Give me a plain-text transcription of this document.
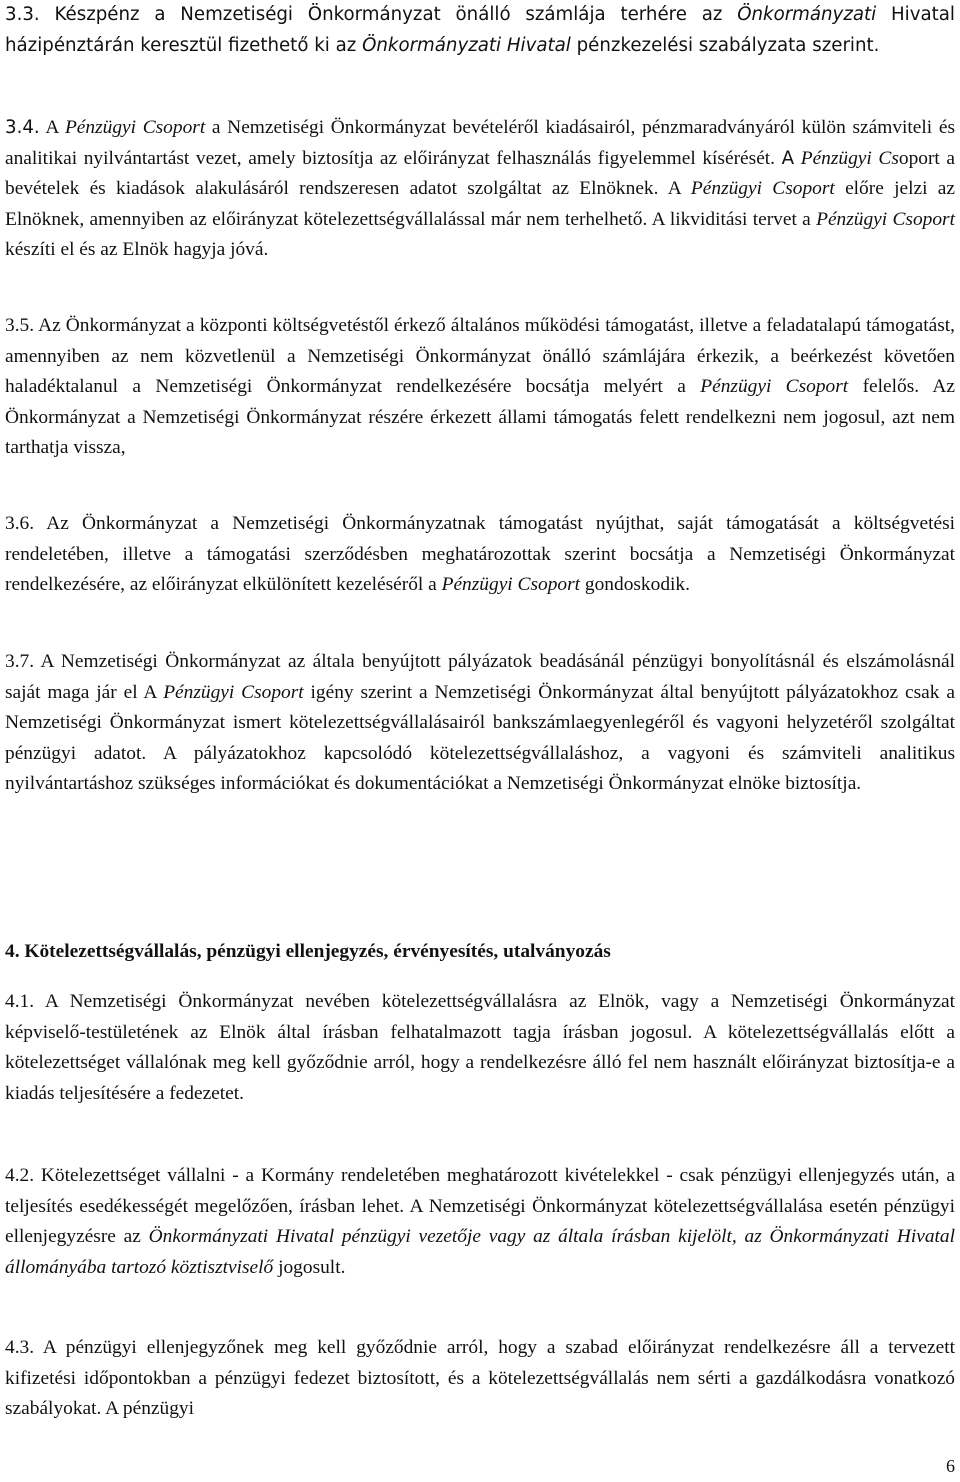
3.3. Készpénz a Nemzetiségi Önkormányzat önálló számlája terhére az Önkormányzati Hivatal házipénztárán keresztül fizethető ki az Önkormányzati Hivatal pénzkezelési szabályzata szerint.

3.4. A Pénzügyi Csoport a Nemzetiségi Önkormányzat bevételéről kiadásairól, pénzmaradványáról külön számviteli és analitikai nyilvántartást vezet, amely biztosítja az előirányzat felhasználás figyelemmel kísérését. A Pénzügyi Csoport a bevételek és kiadások alakulásáról rendszeresen adatot szolgáltat az Elnöknek. A Pénzügyi Csoport előre jelzi az Elnöknek, amennyiben az előirányzat kötelezettségvállalással már nem terhelhető. A likviditási tervet a Pénzügyi Csoport készíti el és az Elnök hagyja jóvá.

3.5. Az Önkormányzat a központi költségvetéstől érkező általános működési támogatást, illetve a feladatalapú támogatást, amennyiben az nem közvetlenül a Nemzetiségi Önkormányzat önálló számlájára érkezik, a beérkezést követően haladéktalanul a Nemzetiségi Önkormányzat rendelkezésére bocsátja melyért a Pénzügyi Csoport felelős. Az Önkormányzat a Nemzetiségi Önkormányzat részére érkezett állami támogatás felett rendelkezni nem jogosul, azt nem tarthatja vissza,

3.6. Az Önkormányzat a Nemzetiségi Önkormányzatnak támogatást nyújthat, saját támogatását a költségvetési rendeletében, illetve a támogatási szerződésben meghatározottak szerint bocsátja a Nemzetiségi Önkormányzat rendelkezésére, az előirányzat elkülönített kezeléséről a Pénzügyi Csoport gondoskodik.

3.7. A Nemzetiségi Önkormányzat az általa benyújtott pályázatok beadásánál pénzügyi bonyolításnál és elszámolásnál saját maga jár el A Pénzügyi Csoport igény szerint a Nemzetiségi Önkormányzat által benyújtott pályázatokhoz csak a Nemzetiségi Önkormányzat ismert kötelezettségvállalásairól bankszámlaegyenlegéről és vagyoni helyzetéről szolgáltat pénzügyi adatot. A pályázatokhoz kapcsolódó kötelezettségvállaláshoz, a vagyoni és számviteli analitikus nyilvántartáshoz szükséges információkat és dokumentációkat a Nemzetiségi Önkormányzat elnöke biztosítja.

4. Kötelezettségvállalás, pénzügyi ellenjegyzés, érvényesítés, utalványozás

4.1. A Nemzetiségi Önkormányzat nevében kötelezettségvállalásra az Elnök, vagy a Nemzetiségi Önkormányzat képviselő-testületének az Elnök által írásban felhatalmazott tagja írásban jogosul. A kötelezettségvállalás előtt a kötelezettséget vállalónak meg kell győződnie arról, hogy a rendelkezésre álló fel nem használt előirányzat biztosítja-e a kiadás teljesítésére a fedezetet.

4.2. Kötelezettséget vállalni - a Kormány rendeletében meghatározott kivételekkel - csak pénzügyi ellenjegyzés után, a teljesítés esedékességét megelőzően, írásban lehet. A Nemzetiségi Önkormányzat kötelezettségvállalása esetén pénzügyi ellenjegyzésre az Önkormányzati Hivatal pénzügyi vezetője vagy az általa írásban kijelölt, az Önkormányzati Hivatal állományába tartozó köztisztviselő jogosult.

4.3. A pénzügyi ellenjegyzőnek meg kell győződnie arról, hogy a szabad előirányzat rendelkezésre áll a tervezett kifizetési időpontokban a pénzügyi fedezet biztosított, és a kötelezettségvállalás nem sérti a gazdálkodásra vonatkozó szabályokat. A pénzügyi

6
